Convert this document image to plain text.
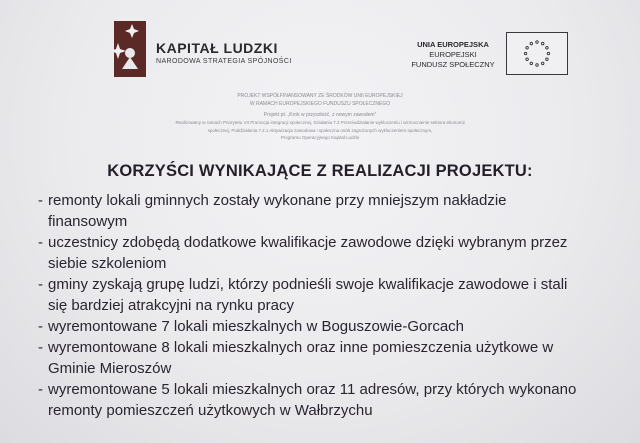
KAPITAŁ LUDZKI
NARODOWA STRATEGIA SPÓJNOŚCI
UNIA EUROPEJSKA
EUROPEJSKI
FUNDUSZ SPOŁECZNY
PROJEKT WSPÓŁFINANSOWANY ZE ŚRODKÓW UNII EUROPEJSKIEJ
W RAMACH EUROPEJSKIEGO FUNDUSZU SPOŁECZNEGO
Projekt pt. „Krok w przyszłość, z nowym zawodem”
Realizowany w ramach Priorytetu VII Promocja integracji społecznej, Działania 7.2 Przeciwdziałanie wykluczeniu i wzmocnienie sektora ekonomii
społecznej, Poddziałania 7.2.1 Aktywizacja zawodowa i społeczna osób zagrożonych wykluczeniem społecznym,
Programu Operacyjnego Kapitał Ludzki
KORZYŚCI WYNIKAJĄCE Z REALIZACJI PROJEKTU:
- remonty lokali gminnych zostały wykonane przy mniejszym nakładzie
finansowym
- uczestnicy zdobędą dodatkowe kwalifikacje zawodowe dzięki wybranym przez
siebie szkoleniom
- gminy zyskają grupę ludzi, którzy podnieśli swoje kwalifikacje zawodowe i stali
się bardziej atrakcyjni na rynku pracy
- wyremontowane 7 lokali mieszkalnych w Boguszowie-Gorcach
- wyremontowane 8 lokali mieszkalnych oraz inne pomieszczenia użytkowe w
Gminie Mieroszów
- wyremontowane 5 lokali mieszkalnych oraz 11 adresów, przy których wykonano
remonty pomieszczeń użytkowych w Wałbrzychu
